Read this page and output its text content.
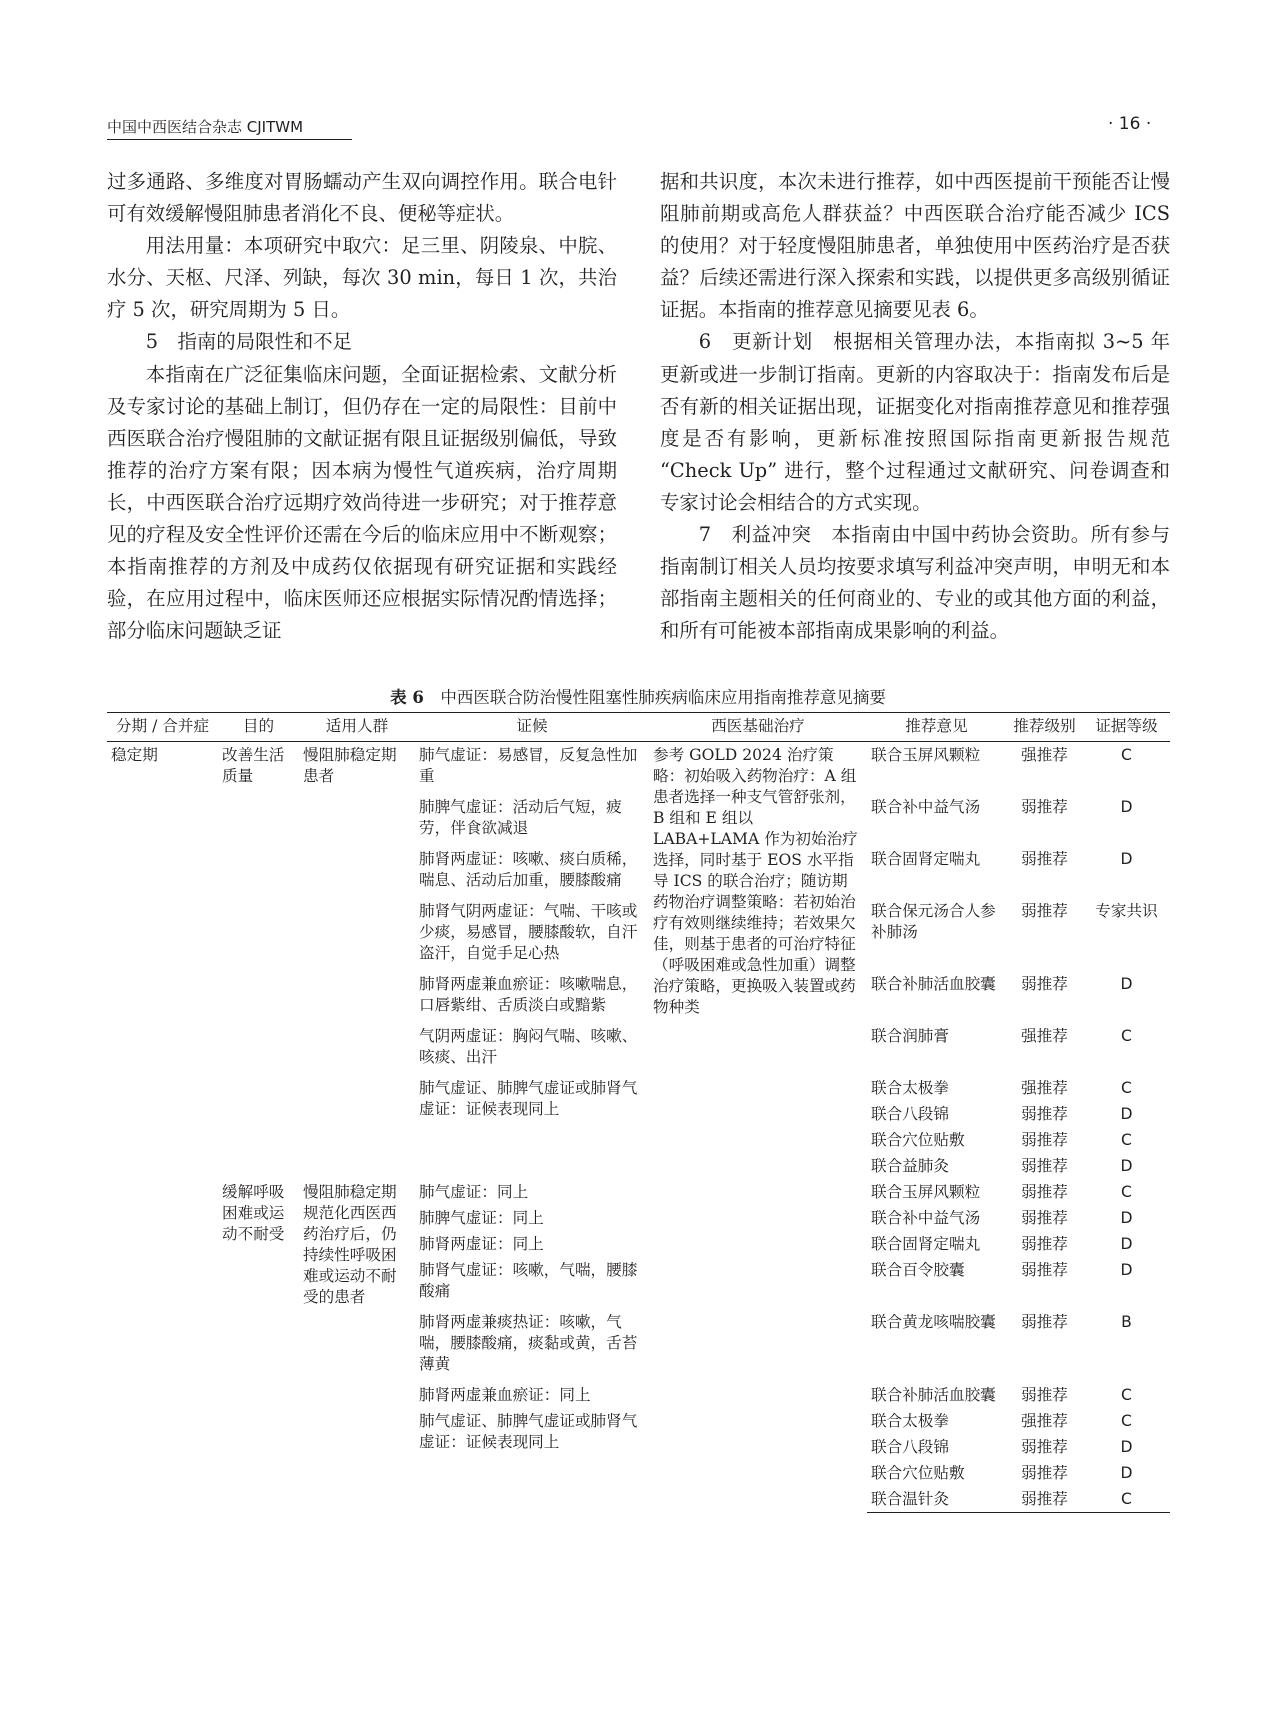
中国中西医结合杂志 CJITWM	· 16 ·

过多通路、多维度对胃肠蠕动产生双向调控作用。联合电针可有效缓解慢阻肺患者消化不良、便秘等症状。

用法用量：本项研究中取穴：足三里、阴陵泉、中脘、水分、天枢、尺泽、列缺，每次 30 min，每日 1 次，共治疗 5 次，研究周期为 5 日。

5　指南的局限性和不足

本指南在广泛征集临床问题，全面证据检索、文献分析及专家讨论的基础上制订，但仍存在一定的局限性：目前中西医联合治疗慢阻肺的文献证据有限且证据级别偏低，导致推荐的治疗方案有限；因本病为慢性气道疾病，治疗周期长，中西医联合治疗远期疗效尚待进一步研究；对于推荐意见的疗程及安全性评价还需在今后的临床应用中不断观察；本指南推荐的方剂及中成药仅依据现有研究证据和实践经验，在应用过程中，临床医师还应根据实际情况酌情选择；部分临床问题缺乏证

据和共识度，本次未进行推荐，如中西医提前干预能否让慢阻肺前期或高危人群获益？中西医联合治疗能否减少 ICS 的使用？对于轻度慢阻肺患者，单独使用中医药治疗是否获益？后续还需进行深入探索和实践，以提供更多高级别循证证据。本指南的推荐意见摘要见表 6。

6　更新计划　根据相关管理办法，本指南拟 3~5 年更新或进一步制订指南。更新的内容取决于：指南发布后是否有新的相关证据出现，证据变化对指南推荐意见和推荐强度是否有影响，更新标准按照国际指南更新报告规范 “Check Up” 进行，整个过程通过文献研究、问卷调查和专家讨论会相结合的方式实现。

7　利益冲突　本指南由中国中药协会资助。所有参与指南制订相关人员均按要求填写利益冲突声明，申明无和本部指南主题相关的任何商业的、专业的或其他方面的利益，和所有可能被本部指南成果影响的利益。

表 6　 中西医联合防治慢性阻塞性肺疾病临床应用指南推荐意见摘要
分期 / 合并症	目的	适用人群	证候	西医基础治疗	推荐意见	推荐级别	证据等级
稳定期	改善生活质量	慢阻肺稳定期患者	肺气虚证：易感冒，反复急性加重	参考 GOLD 2024 治疗策略：初始吸入药物治疗：A 组患者选择一种支气管舒张剂，B 组和 E 组以 LABA+LAMA 作为初始治疗选择，同时基于 EOS 水平指导 ICS 的联合治疗；随访期药物治疗调整策略：若初始治疗有效则继续维持；若效果欠佳，则基于患者的可治疗特征（呼吸困难或急性加重）调整治疗策略，更换吸入装置或药物种类	联合玉屏风颗粒	强推荐	C
			肺脾气虚证：活动后气短，疲劳，伴食欲减退		联合补中益气汤	弱推荐	D
			肺肾两虚证：咳嗽、痰白质稀，喘息、活动后加重，腰膝酸痛		联合固肾定喘丸	弱推荐	D
			肺肾气阴两虚证：气喘、干咳或少痰，易感冒，腰膝酸软，自汗盗汗，自觉手足心热		联合保元汤合人参补肺汤	弱推荐	专家共识
			肺肾两虚兼血瘀证：咳嗽喘息，口唇紫绀、舌质淡白或黯紫		联合补肺活血胶囊	弱推荐	D
			气阴两虚证：胸闷气喘、咳嗽、咳痰、出汗		联合润肺膏	强推荐	C
			肺气虚证、肺脾气虚证或肺肾气虚证：证候表现同上		联合太极拳	强推荐	C
					联合八段锦	弱推荐	D
					联合穴位贴敷	弱推荐	C
					联合益肺灸	弱推荐	D
	缓解呼吸困难或运动不耐受	慢阻肺稳定期规范化西医西药治疗后，仍持续性呼吸困难或运动不耐受的患者	肺气虚证：同上		联合玉屏风颗粒	弱推荐	C
			肺脾气虚证：同上		联合补中益气汤	弱推荐	D
			肺肾两虚证：同上		联合固肾定喘丸	弱推荐	D
			肺肾气虚证：咳嗽，气喘，腰膝酸痛		联合百令胶囊	弱推荐	D
			肺肾两虚兼痰热证：咳嗽，气喘，腰膝酸痛，痰黏或黄，舌苔薄黄		联合黄龙咳喘胶囊	弱推荐	B
			肺肾两虚兼血瘀证：同上		联合补肺活血胶囊	弱推荐	C
			肺气虚证、肺脾气虚证或肺肾气虚证：证候表现同上		联合太极拳	强推荐	C
					联合八段锦	弱推荐	D
					联合穴位贴敷	弱推荐	D
					联合温针灸	弱推荐	C
